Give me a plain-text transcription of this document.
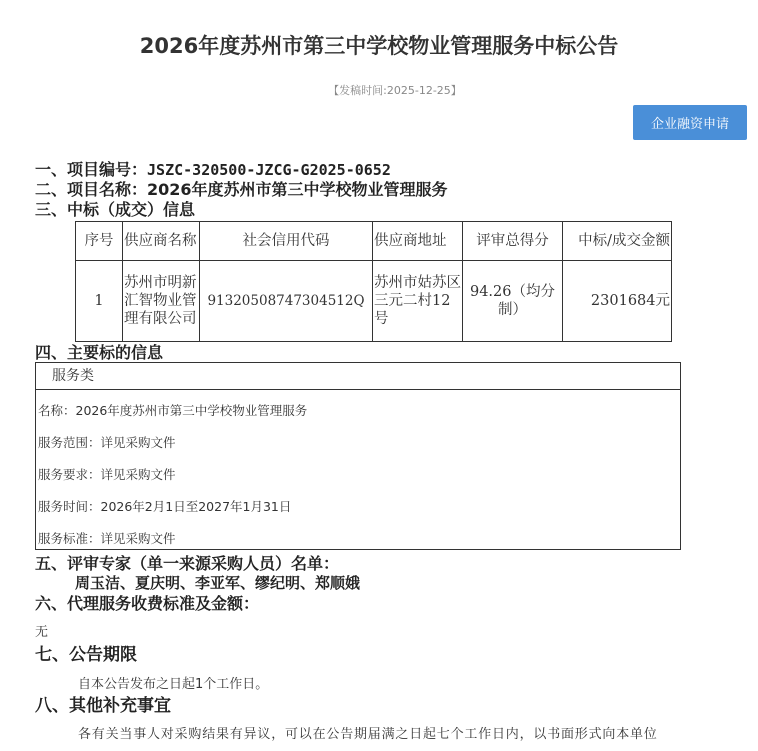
2026年度苏州市第三中学校物业管理服务中标公告
【发稿时间:2025-12-25】
企业融资申请
一、项目编号：JSZC-320500-JZCG-G2025-0652
二、项目名称：2026年度苏州市第三中学校物业管理服务
三、中标（成交）信息
序号	供应商名称	社会信用代码	供应商地址	评审总得分	中标/成交金额
1	苏州市明新汇智物业管理有限公司	91320508747304512Q	苏州市姑苏区三元二村12号	94.26（均分制）	2301684元
四、主要标的信息
服务类
名称：2026年度苏州市第三中学校物业管理服务
服务范围：详见采购文件
服务要求：详见采购文件
服务时间：2026年2月1日至2027年1月31日
服务标准：详见采购文件
五、评审专家（单一来源采购人员）名单：
周玉洁、夏庆明、李亚军、缪纪明、郑顺娥
六、代理服务收费标准及金额：
无
七、公告期限
自本公告发布之日起1个工作日。
八、其他补充事宜
各有关当事人对采购结果有异议，可以在公告期届满之日起七个工作日内，以书面形式向本单位
